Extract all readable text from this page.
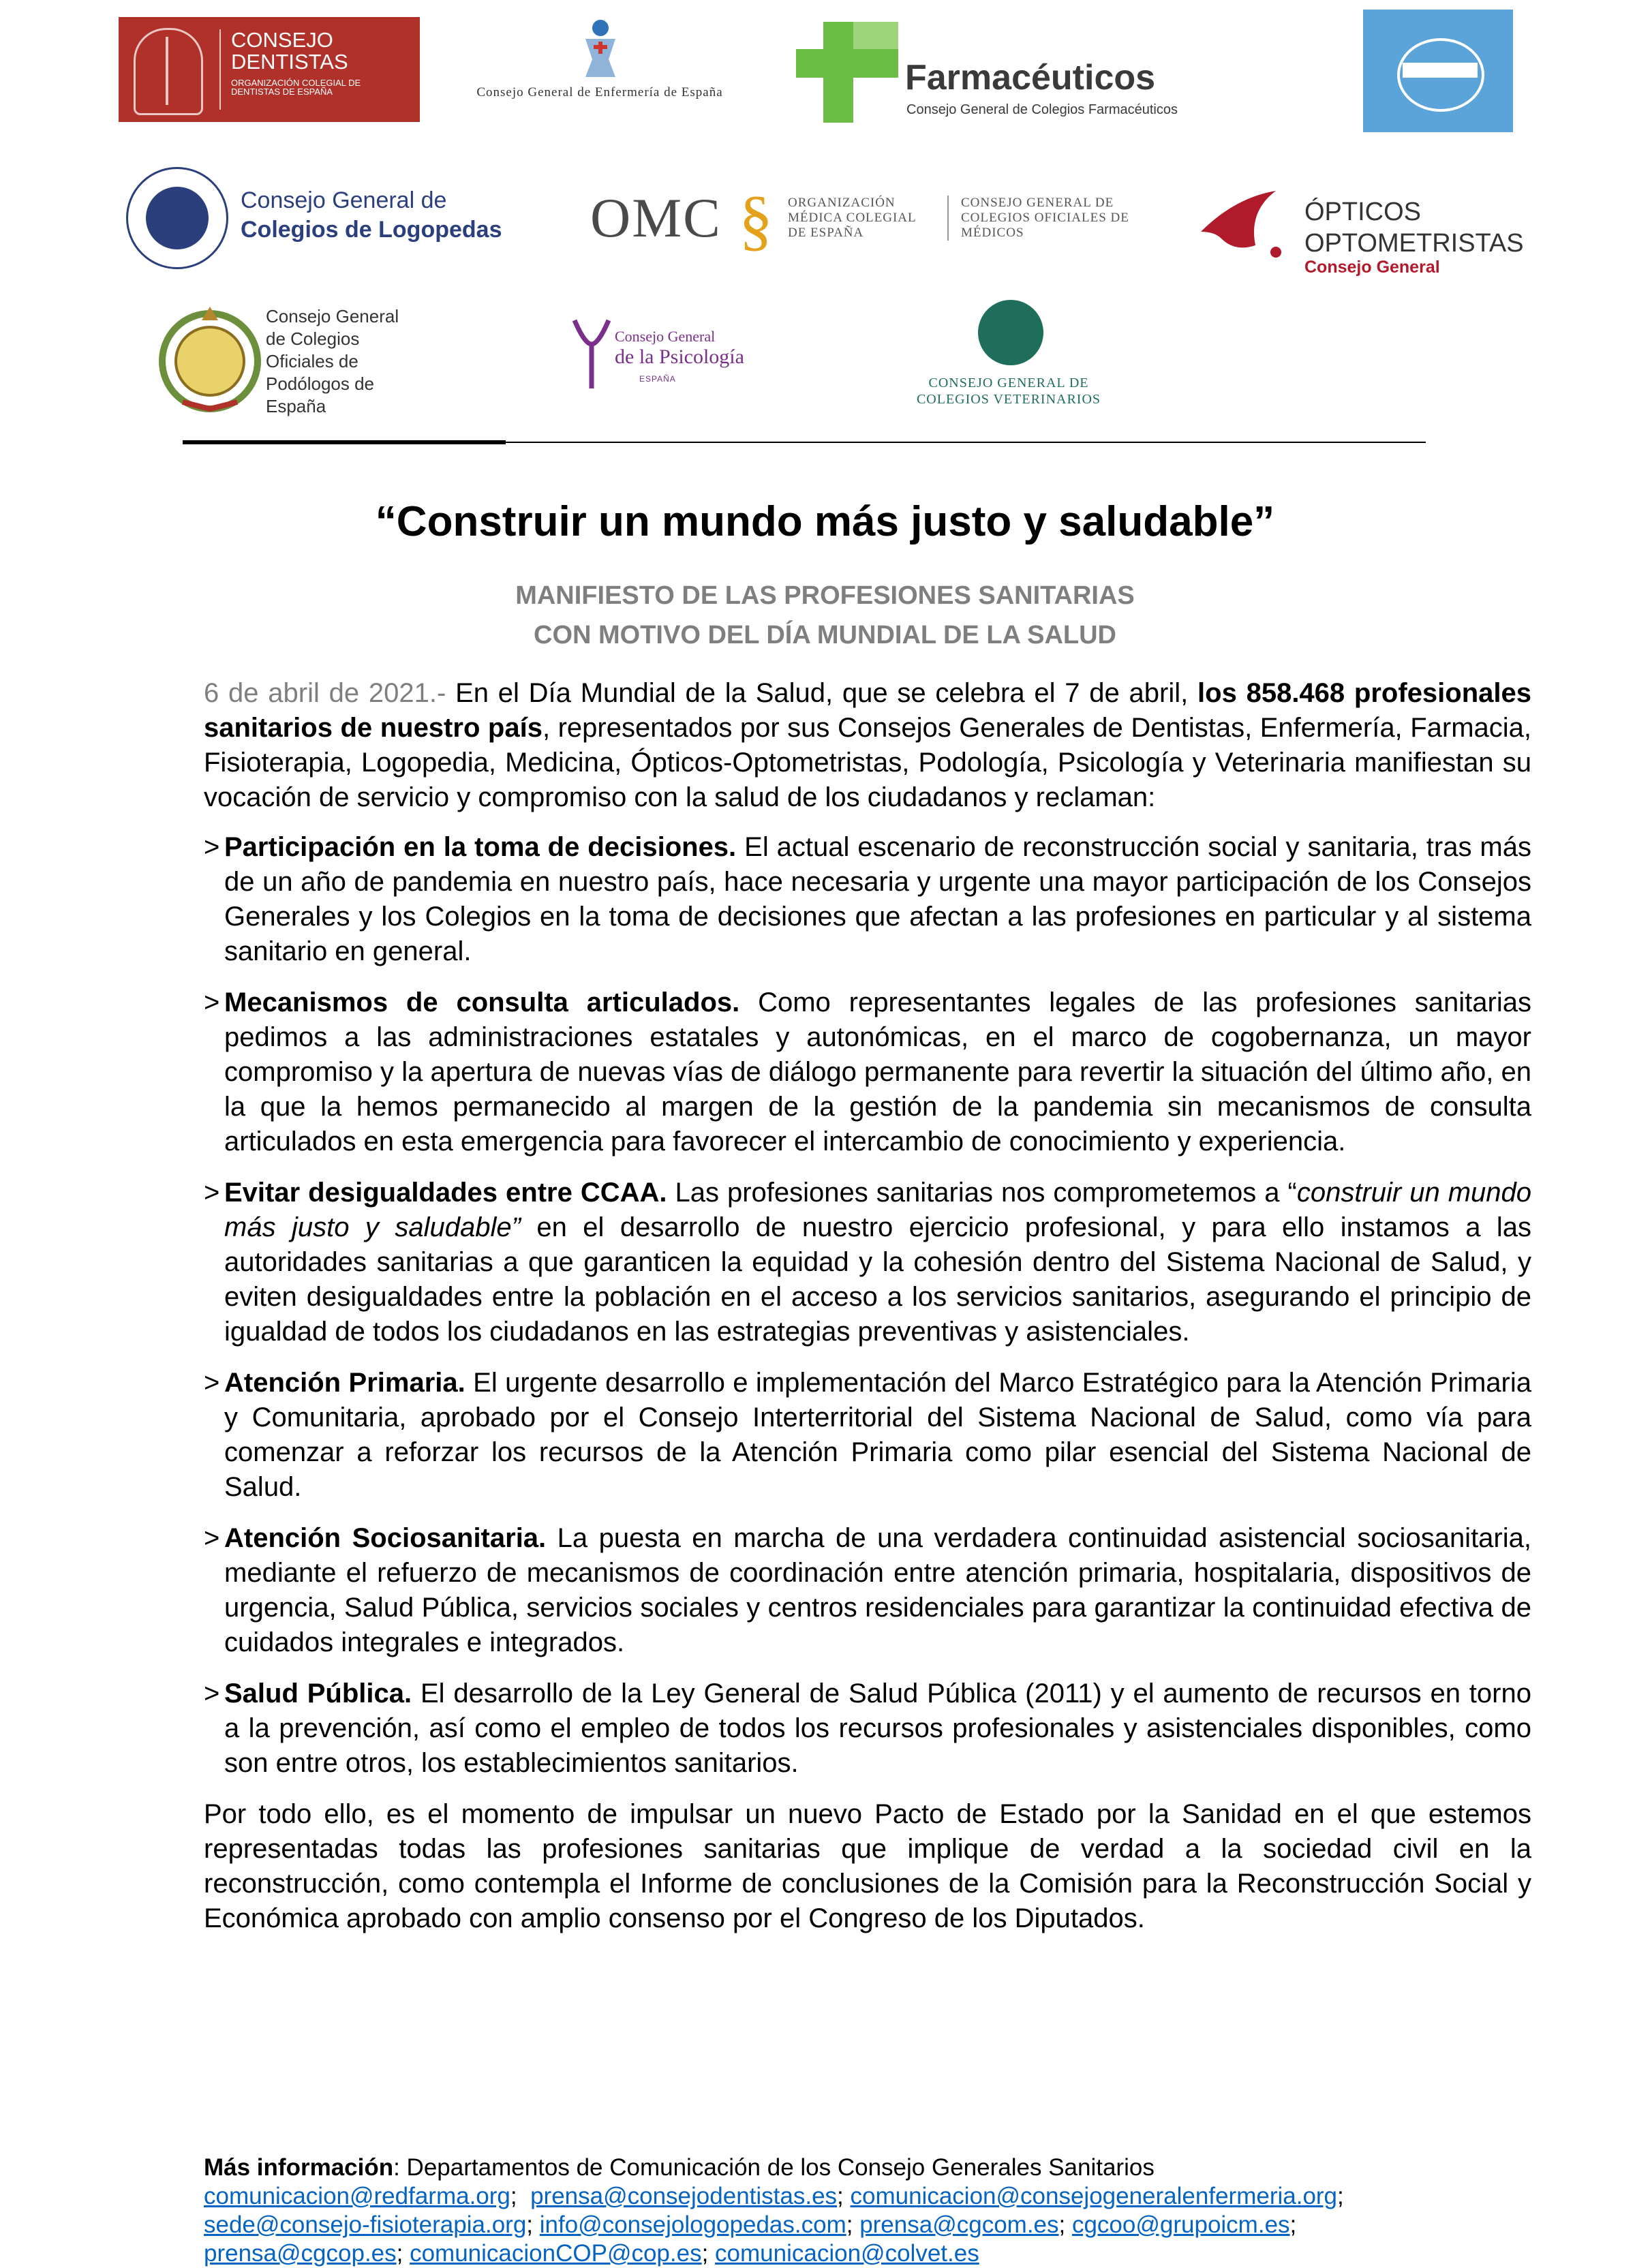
CONSEJO DENTISTAS
ORGANIZACIÓN COLEGIAL DE DENTISTAS DE ESPAÑA	Consejo General de Enfermería de España	Farmacéuticos
Consejo General de Colegios Farmacéuticos
Consejo General de
Colegios de Logopedas OMC § ORGANIZACIÓN MÉDICA COLEGIAL DE ESPAÑA
CONSEJO GENERAL DE COLEGIOS OFICIALES DE MÉDICOS
ÓPTICOS OPTOMETRISTAS
Consejo General
Consejo General de Colegios Oficiales de Podólogos de España
Consejo General
de la Psicología
ESPAÑA	CONSEJO GENERAL DE COLEGIOS VETERINARIOS
“Construir un mundo más justo y saludable”
MANIFIESTO DE LAS PROFESIONES SANITARIAS
CON MOTIVO DEL DÍA MUNDIAL DE LA SALUD

6 de abril de 2021.- En el Día Mundial de la Salud, que se celebra el 7 de abril, los 858.468 profesionales sanitarios de nuestro país, representados por sus Consejos Generales de Dentistas, Enfermería, Farmacia, Fisioterapia, Logopedia, Medicina, Ópticos-Optometristas, Podología, Psicología y Veterinaria manifiestan su vocación de servicio y compromiso con la salud de los ciudadanos y reclaman:

> Participación en la toma de decisiones. El actual escenario de reconstrucción social y sanitaria, tras más de un año de pandemia en nuestro país, hace necesaria y urgente una mayor participación de los Consejos Generales y los Colegios en la toma de decisiones que afectan a las profesiones en particular y al sistema sanitario en general.
> Mecanismos de consulta articulados. Como representantes legales de las profesiones sanitarias pedimos a las administraciones estatales y autonómicas, en el marco de cogobernanza, un mayor compromiso y la apertura de nuevas vías de diálogo permanente para revertir la situación del último año, en la que la hemos permanecido al margen de la gestión de la pandemia sin mecanismos de consulta articulados en esta emergencia para favorecer el intercambio de conocimiento y experiencia.
> Evitar desigualdades entre CCAA. Las profesiones sanitarias nos comprometemos a “construir un mundo más justo y saludable” en el desarrollo de nuestro ejercicio profesional, y para ello instamos a las autoridades sanitarias a que garanticen la equidad y la cohesión dentro del Sistema Nacional de Salud, y eviten desigualdades entre la población en el acceso a los servicios sanitarios, asegurando el principio de igualdad de todos los ciudadanos en las estrategias preventivas y asistenciales.
> Atención Primaria. El urgente desarrollo e implementación del Marco Estratégico para la Atención Primaria y Comunitaria, aprobado por el Consejo Interterritorial del Sistema Nacional de Salud, como vía para comenzar a reforzar los recursos de la Atención Primaria como pilar esencial del Sistema Nacional de Salud.
> Atención Sociosanitaria. La puesta en marcha de una verdadera continuidad asistencial sociosanitaria, mediante el refuerzo de mecanismos de coordinación entre atención primaria, hospitalaria, dispositivos de urgencia, Salud Pública, servicios sociales y centros residenciales para garantizar la continuidad efectiva de cuidados integrales e integrados.
> Salud Pública. El desarrollo de la Ley General de Salud Pública (2011) y el aumento de recursos en torno a la prevención, así como el empleo de todos los recursos profesionales y asistenciales disponibles, como son entre otros, los establecimientos sanitarios.

Por todo ello, es el momento de impulsar un nuevo Pacto de Estado por la Sanidad en el que estemos representadas todas las profesiones sanitarias que implique de verdad a la sociedad civil en la reconstrucción, como contempla el Informe de conclusiones de la Comisión para la Reconstrucción Social y Económica aprobado con amplio consenso por el Congreso de los Diputados.

Más información: Departamentos de Comunicación de los Consejo Generales Sanitarios
comunicacion@redfarma.org;  prensa@consejodentistas.es; comunicacion@consejogeneralenfermeria.org;
sede@consejo-fisioterapia.org; info@consejologopedas.com; prensa@cgcom.es; cgcoo@grupoicm.es;
prensa@cgcop.es; comunicacionCOP@cop.es; comunicacion@colvet.es
